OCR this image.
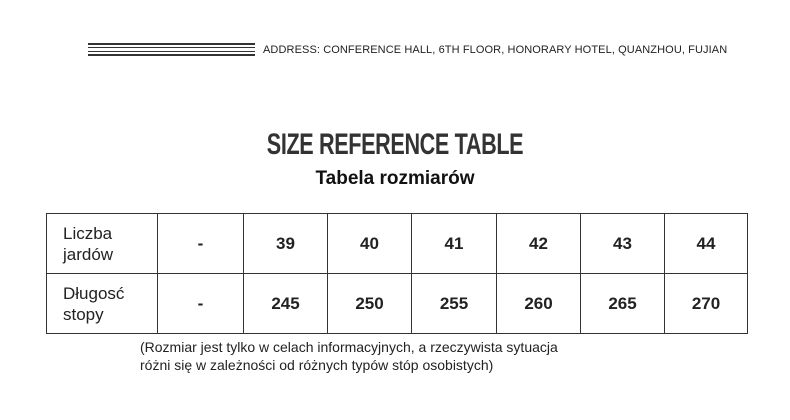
ADDRESS: CONFERENCE HALL, 6TH FLOOR, HONORARY HOTEL, QUANZHOU, FUJIAN
SIZE REFERENCE TABLE
Tabela rozmiarów
Liczba
jardów	-	39	40	41	42	43	44
Długosć
stopy	-	245	250	255	260	265	270
(Rozmiar jest tylko w celach informacyjnych, a rzeczywista sytuacja
różni się w zależności od różnych typów stóp osobistych)
